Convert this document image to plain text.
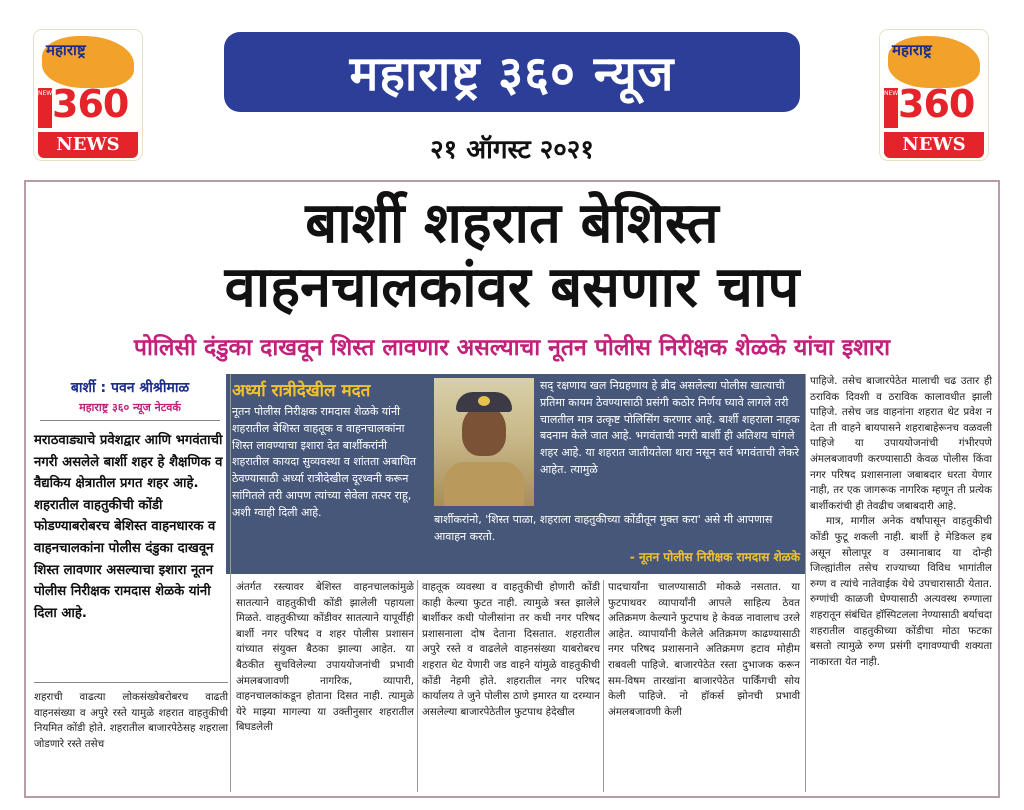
महाराष्ट्र
NEWS
360
NEWS
महाराष्ट्र
NEWS
360
NEWS
महाराष्ट्र ३६० न्यूज
२१ ऑगस्ट २०२१
बार्शी शहरात बेशिस्त
वाहनचालकांवर बसणार चाप
पोलिसी दंडुका दाखवून शिस्त लावणार असल्याचा नूतन पोलीस निरीक्षक शेळके यांचा इशारा
बार्शी : पवन श्रीश्रीमाळ
महाराष्ट्र ३६० न्यूज नेटवर्क
मराठवाड्याचे प्रवेशद्वार आणि भगवंताची नगरी असलेले बार्शी शहर हे शैक्षणिक व वैद्यकिय क्षेत्रातील प्रगत शहर आहे. शहरातील वाहतुकीची कोंडी फोडण्याबरोबरच बेशिस्त वाहनधारक व वाहनचालकांना पोलीस दंडुका दाखवून शिस्त लावणार असल्याचा इशारा नूतन पोलीस निरीक्षक रामदास शेळके यांनी दिला आहे.
शहराची वाढत्या लोकसंख्येबरोबरच वाढती वाहनसंख्या व अपुरे रस्ते यामुळे शहरात वाहतुकीची नियमित कोंडी होते. शहरातील बाजारपेठेसह शहराला जोडणारे रस्ते तसेच
अर्ध्या रात्रीदेखील मदत
नूतन पोलीस निरीक्षक रामदास शेळके यांनी शहरातील बेशिस्त वाहतूक व वाहनचालकांना शिस्त लावण्याचा इशारा देत बार्शीकरांनी शहरातील कायदा सुव्यवस्था व शांतता अबाधित ठेवण्यासाठी अर्ध्या रात्रीदेखील दूरध्वनी करून सांगितले तरी आपण त्यांच्या सेवेला तत्पर राहू, अशी ग्वाही दिली आहे.
सद् रक्षणाय खल निग्रहणाय हे ब्रीद असलेल्या पोलीस खात्याची प्रतिमा कायम ठेवण्यासाठी प्रसंगी कठोर निर्णय घ्यावे लागले तरी चालतील मात्र उत्कृष्ट पोलिसिंग करणार आहे. बार्शी शहराला नाहक बदनाम केले जात आहे. भगवंताची नगरी बार्शी ही अतिशय चांगले शहर आहे. या शहरात जातीयतेला थारा नसून सर्व भगवंताची लेकरे आहेत. त्यामुळे
बार्शीकरांनो, 'शिस्त पाळा, शहराला वाहतुकीच्या कोंडीतून मुक्त करा' असे मी आपणास आवाहन करतो.
- नूतन पोलीस निरीक्षक रामदास शेळके
अंतर्गत रस्त्यावर बेशिस्त वाहनचालकांमुळे सातत्याने वाहतुकीची कोंडी झालेली पहायला मिळते. वाहतुकीच्या कोंडीवर सातत्याने यापूर्वीही बार्शी नगर परिषद व शहर पोलीस प्रशासन यांच्यात संयुक्त बैठका झाल्या आहेत. या बैठकीत सुचविलेल्या उपाययोजनांची प्रभावी अंमलबजावणी नागरिक, व्यापारी, वाहनचालकांकडून होताना दिसत नाही. त्यामुळे येरे माझ्या मागल्या या उक्तीनुसार शहरातील बिघडलेली
वाहतूक व्यवस्था व वाहतुकीची होणारी कोंडी काही केल्या फुटत नाही. त्यामुळे त्रस्त झालेले बार्शीकर कधी पोलीसांना तर कधी नगर परिषद प्रशासनाला दोष देताना दिसतात. शहरातील अपुरे रस्ते व वाढलेले वाहनसंख्या याबरोबरच शहरात थेट येणारी जड वाहने यांमुळे वाहतुकीची कोंडी नेहमी होते. शहरातील नगर परिषद कार्यालय ते जुने पोलीस ठाणे इमारत या दरम्यान असलेल्या बाजारपेठेतील फुटपाथ हेदेखील
पादचार्यांना चालण्यासाठी मोकळे नसतात. या फुटपाथवर व्यापार्यांनी आपले साहित्य ठेवत अतिक्रमण केल्याने फुटपाथ हे केवळ नावालाच उरले आहेत. व्यापार्यांनी केलेले अतिक्रमण काढण्यासाठी नगर परिषद प्रशासनाने अतिक्रमण हटाव मोहीम राबवली पाहिजे. बाजारपेठेत रस्ता दुभाजक करून सम-विषम तारखांना बाजारपेठेत पार्किंगची सोय केली पाहिजे. नो हॉकर्स झोनची प्रभावी अंमलबजावणी केली
पाहिजे. तसेच बाजारपेठेत मालाची चढ उतार ही ठराविक दिवशी व ठराविक कालावधीत झाली पाहिजे. तसेच जड वाहनांना शहरात थेट प्रवेश न देता ती वाहने बायपासने शहराबाहेरूनच वळवली पाहिजे या उपाययोजनांची गंभीरपणे अंमलबजावणी करण्यासाठी केवळ पोलीस किंवा नगर परिषद प्रशासनाला जबाबदार धरता येणार नाही, तर एक जागरूक नागरिक म्हणून ती प्रत्येक बार्शीकरांची ही तेवढीच जबाबदारी आहे.
मात्र, मागील अनेक वर्षांपासून वाहतुकीची कोंडी फुटू शकली नाही. बार्शी हे मेडिकल हब असून सोलापूर व उस्मानाबाद या दोन्ही जिल्ह्यांतील तसेच राज्याच्या विविध भागांतील रुग्ण व त्यांचे नातेवाईक येथे उपचारासाठी येतात. रुग्णांची काळजी घेण्यासाठी अत्यवस्थ रुग्णाला शहरातून संबंधित हॉस्पिटलला नेण्यासाठी बर्याचदा शहरातील वाहतुकीच्या कोंडीचा मोठा फटका बसतो त्यामुळे रुग्ण प्रसंगी दगावण्याची शक्यता नाकारता येत नाही.
